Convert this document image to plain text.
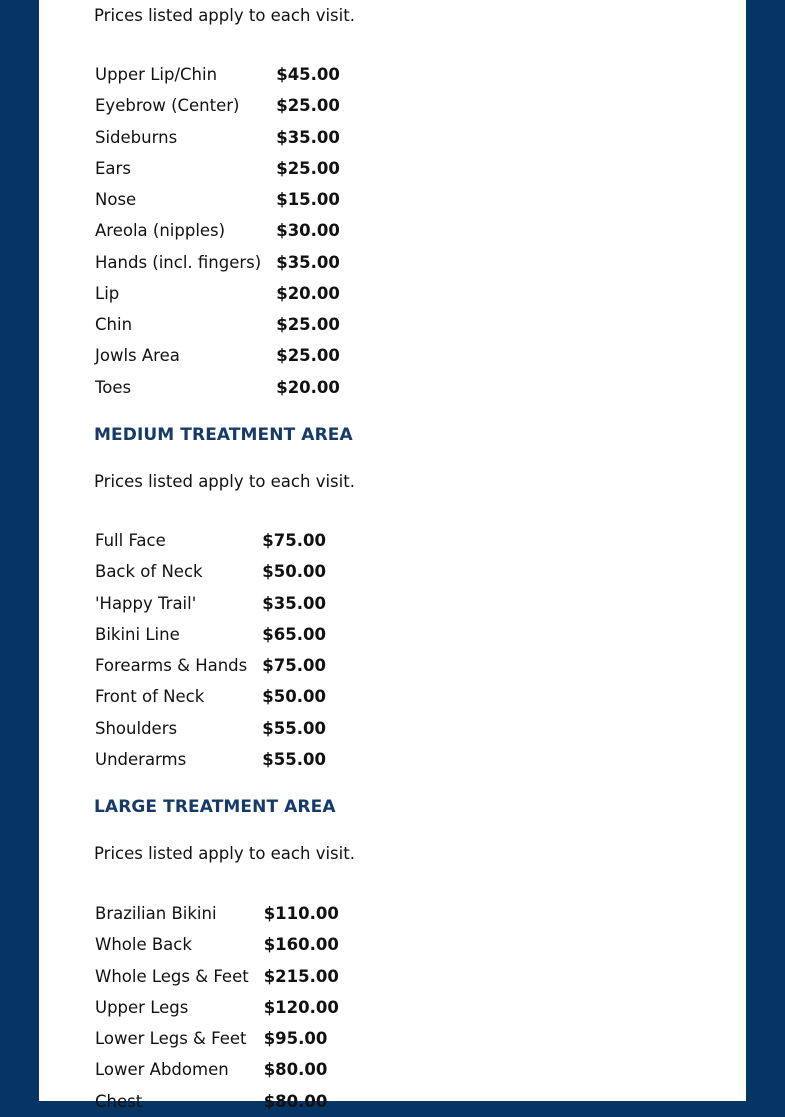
Prices listed apply to each visit.
Upper Lip/Chin	$45.00
Eyebrow (Center)	$25.00
Sideburns	$35.00
Ears	$25.00
Nose	$15.00
Areola (nipples)	$30.00
Hands (incl. fingers)	$35.00
Lip	$20.00
Chin	$25.00
Jowls Area	$25.00
Toes	$20.00
MEDIUM TREATMENT AREA
Prices listed apply to each visit.
Full Face	$75.00
Back of Neck	$50.00
'Happy Trail'	$35.00
Bikini Line	$65.00
Forearms & Hands	$75.00
Front of Neck	$50.00
Shoulders	$55.00
Underarms	$55.00
LARGE TREATMENT AREA
Prices listed apply to each visit.
Brazilian Bikini	$110.00
Whole Back	$160.00
Whole Legs & Feet	$215.00
Upper Legs	$120.00
Lower Legs & Feet	$95.00
Lower Abdomen	$80.00
Chest	$80.00
